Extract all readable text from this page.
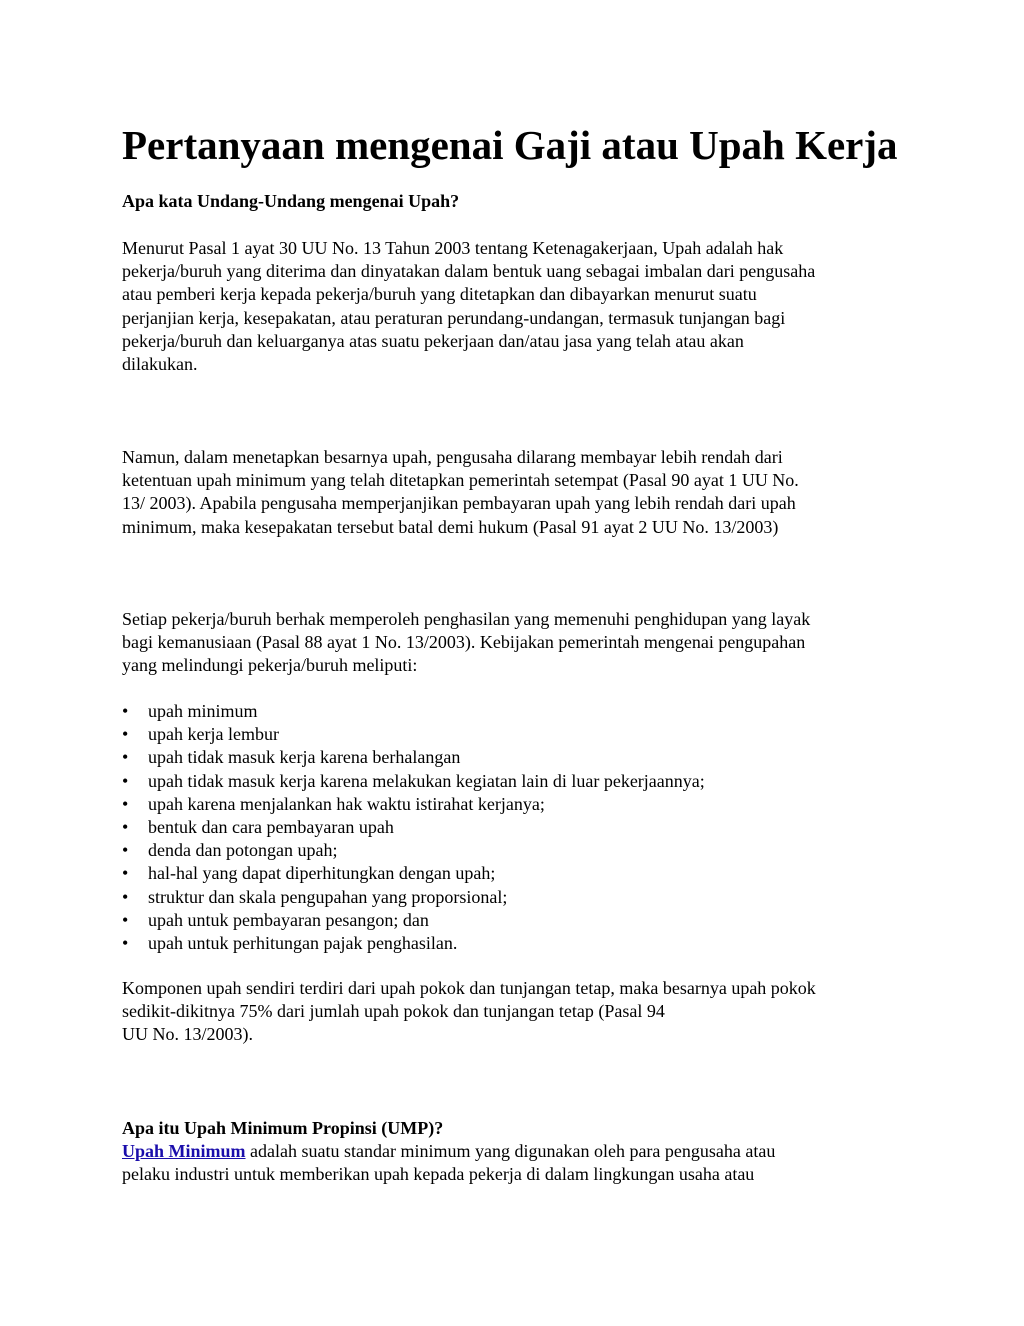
Pertanyaan mengenai Gaji atau Upah Kerja

Apa kata Undang-Undang mengenai Upah?

Menurut Pasal 1 ayat 30 UU No. 13 Tahun 2003 tentang Ketenagakerjaan, Upah adalah hak
pekerja/buruh yang diterima dan dinyatakan dalam bentuk uang sebagai imbalan dari pengusaha
atau pemberi kerja kepada pekerja/buruh yang ditetapkan dan dibayarkan menurut suatu
perjanjian kerja, kesepakatan, atau peraturan perundang-undangan, termasuk tunjangan bagi
pekerja/buruh dan keluarganya atas suatu pekerjaan dan/atau jasa yang telah atau akan
dilakukan.

Namun, dalam menetapkan besarnya upah, pengusaha dilarang membayar lebih rendah dari
ketentuan upah minimum yang telah ditetapkan pemerintah setempat (Pasal 90 ayat 1 UU No.
13/ 2003). Apabila pengusaha memperjanjikan pembayaran upah yang lebih rendah dari upah
minimum, maka kesepakatan tersebut batal demi hukum (Pasal 91 ayat 2 UU No. 13/2003)

Setiap pekerja/buruh berhak memperoleh penghasilan yang memenuhi penghidupan yang layak
bagi kemanusiaan (Pasal 88 ayat 1 No. 13/2003). Kebijakan pemerintah mengenai pengupahan
yang melindungi pekerja/buruh meliputi:

• upah minimum
• upah kerja lembur
• upah tidak masuk kerja karena berhalangan
• upah tidak masuk kerja karena melakukan kegiatan lain di luar pekerjaannya;
• upah karena menjalankan hak waktu istirahat kerjanya;
• bentuk dan cara pembayaran upah
• denda dan potongan upah;
• hal-hal yang dapat diperhitungkan dengan upah;
• struktur dan skala pengupahan yang proporsional;
• upah untuk pembayaran pesangon; dan
• upah untuk perhitungan pajak penghasilan.

Komponen upah sendiri terdiri dari upah pokok dan tunjangan tetap, maka besarnya upah pokok
sedikit-dikitnya 75% dari jumlah upah pokok dan tunjangan tetap (Pasal 94
UU No. 13/2003).

Apa itu Upah Minimum Propinsi (UMP)?

Upah Minimum adalah suatu standar minimum yang digunakan oleh para pengusaha atau
pelaku industri untuk memberikan upah kepada pekerja di dalam lingkungan usaha atau
